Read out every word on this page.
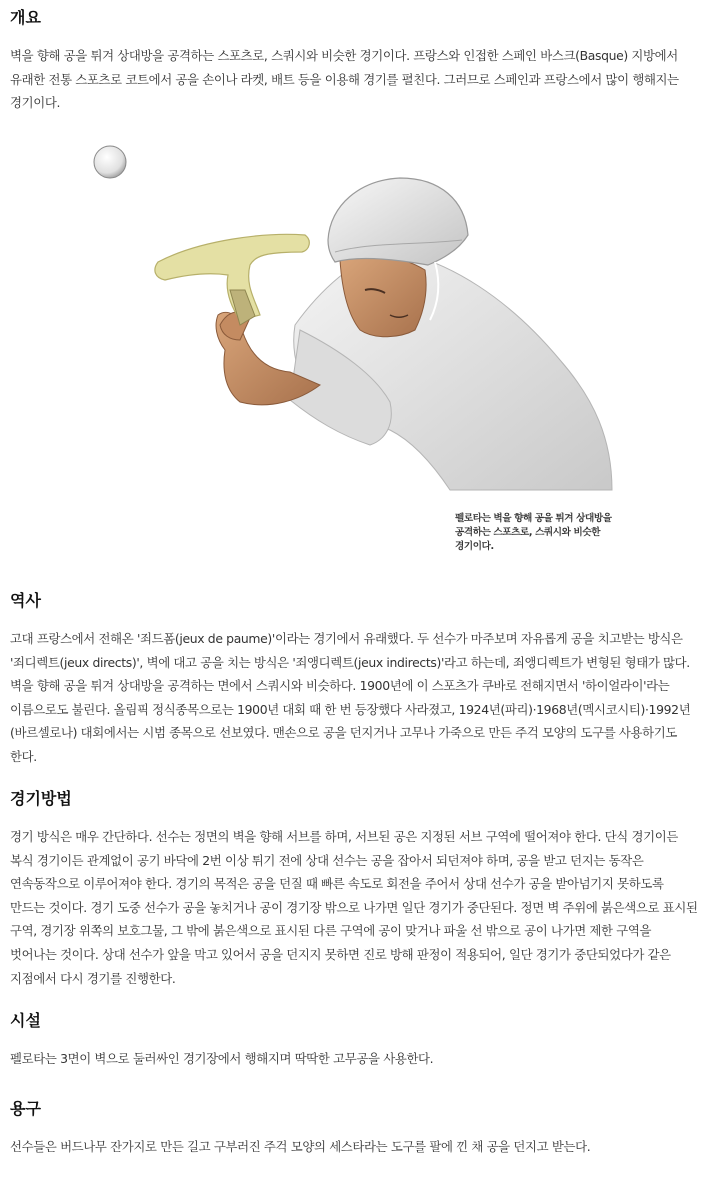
개요

벽을 향해 공을 튀겨 상대방을 공격하는 스포츠로, 스쿼시와 비슷한 경기이다. 프랑스와 인접한 스페인 바스크(Basque) 지방에서 유래한 전통 스포츠로 코트에서 공을 손이나 라켓, 배트 등을 이용해 경기를 펼친다. 그러므로 스페인과 프랑스에서 많이 행해지는 경기이다.

펠로타는 벽을 향해 공을 튀겨 상대방을 공격하는 스포츠로, 스쿼시와 비슷한 경기이다.
역사

고대 프랑스에서 전해온 '죄드폼(jeux de paume)'이라는 경기에서 유래했다. 두 선수가 마주보며 자유롭게 공을 치고받는 방식은 '죄디렉트(jeux directs)', 벽에 대고 공을 치는 방식은 '죄앵디렉트(jeux indirects)'라고 하는데, 죄앵디렉트가 변형된 형태가 많다. 벽을 향해 공을 튀겨 상대방을 공격하는 면에서 스쿼시와 비슷하다. 1900년에 이 스포츠가 쿠바로 전해지면서 '하이얼라이'라는 이름으로도 불린다. 올림픽 정식종목으로는 1900년 대회 때 한 번 등장했다 사라졌고, 1924년(파리)·1968년(멕시코시티)·1992년(바르셀로나) 대회에서는 시범 종목으로 선보였다. 맨손으로 공을 던지거나 고무나 가죽으로 만든 주걱 모양의 도구를 사용하기도 한다.

경기방법

경기 방식은 매우 간단하다. 선수는 정면의 벽을 향해 서브를 하며, 서브된 공은 지정된 서브 구역에 떨어져야 한다. 단식 경기이든 복식 경기이든 관계없이 공기 바닥에 2번 이상 튀기 전에 상대 선수는 공을 잡아서 되던져야 하며, 공을 받고 던지는 동작은 연속동작으로 이루어져야 한다. 경기의 목적은 공을 던질 때 빠른 속도로 회전을 주어서 상대 선수가 공을 받아넘기지 못하도록 만드는 것이다. 경기 도중 선수가 공을 놓치거나 공이 경기장 밖으로 나가면 일단 경기가 중단된다. 정면 벽 주위에 붉은색으로 표시된 구역, 경기장 위쪽의 보호그물, 그 밖에 붉은색으로 표시된 다른 구역에 공이 맞거나 파울 선 밖으로 공이 나가면 제한 구역을 벗어나는 것이다. 상대 선수가 앞을 막고 있어서 공을 던지지 못하면 진로 방해 판정이 적용되어, 일단 경기가 중단되었다가 같은 지점에서 다시 경기를 진행한다.

시설

펠로타는 3면이 벽으로 둘러싸인 경기장에서 행해지며 딱딱한 고무공을 사용한다.

용구

선수들은 버드나무 잔가지로 만든 길고 구부러진 주걱 모양의 세스타라는 도구를 팔에 낀 채 공을 던지고 받는다.
